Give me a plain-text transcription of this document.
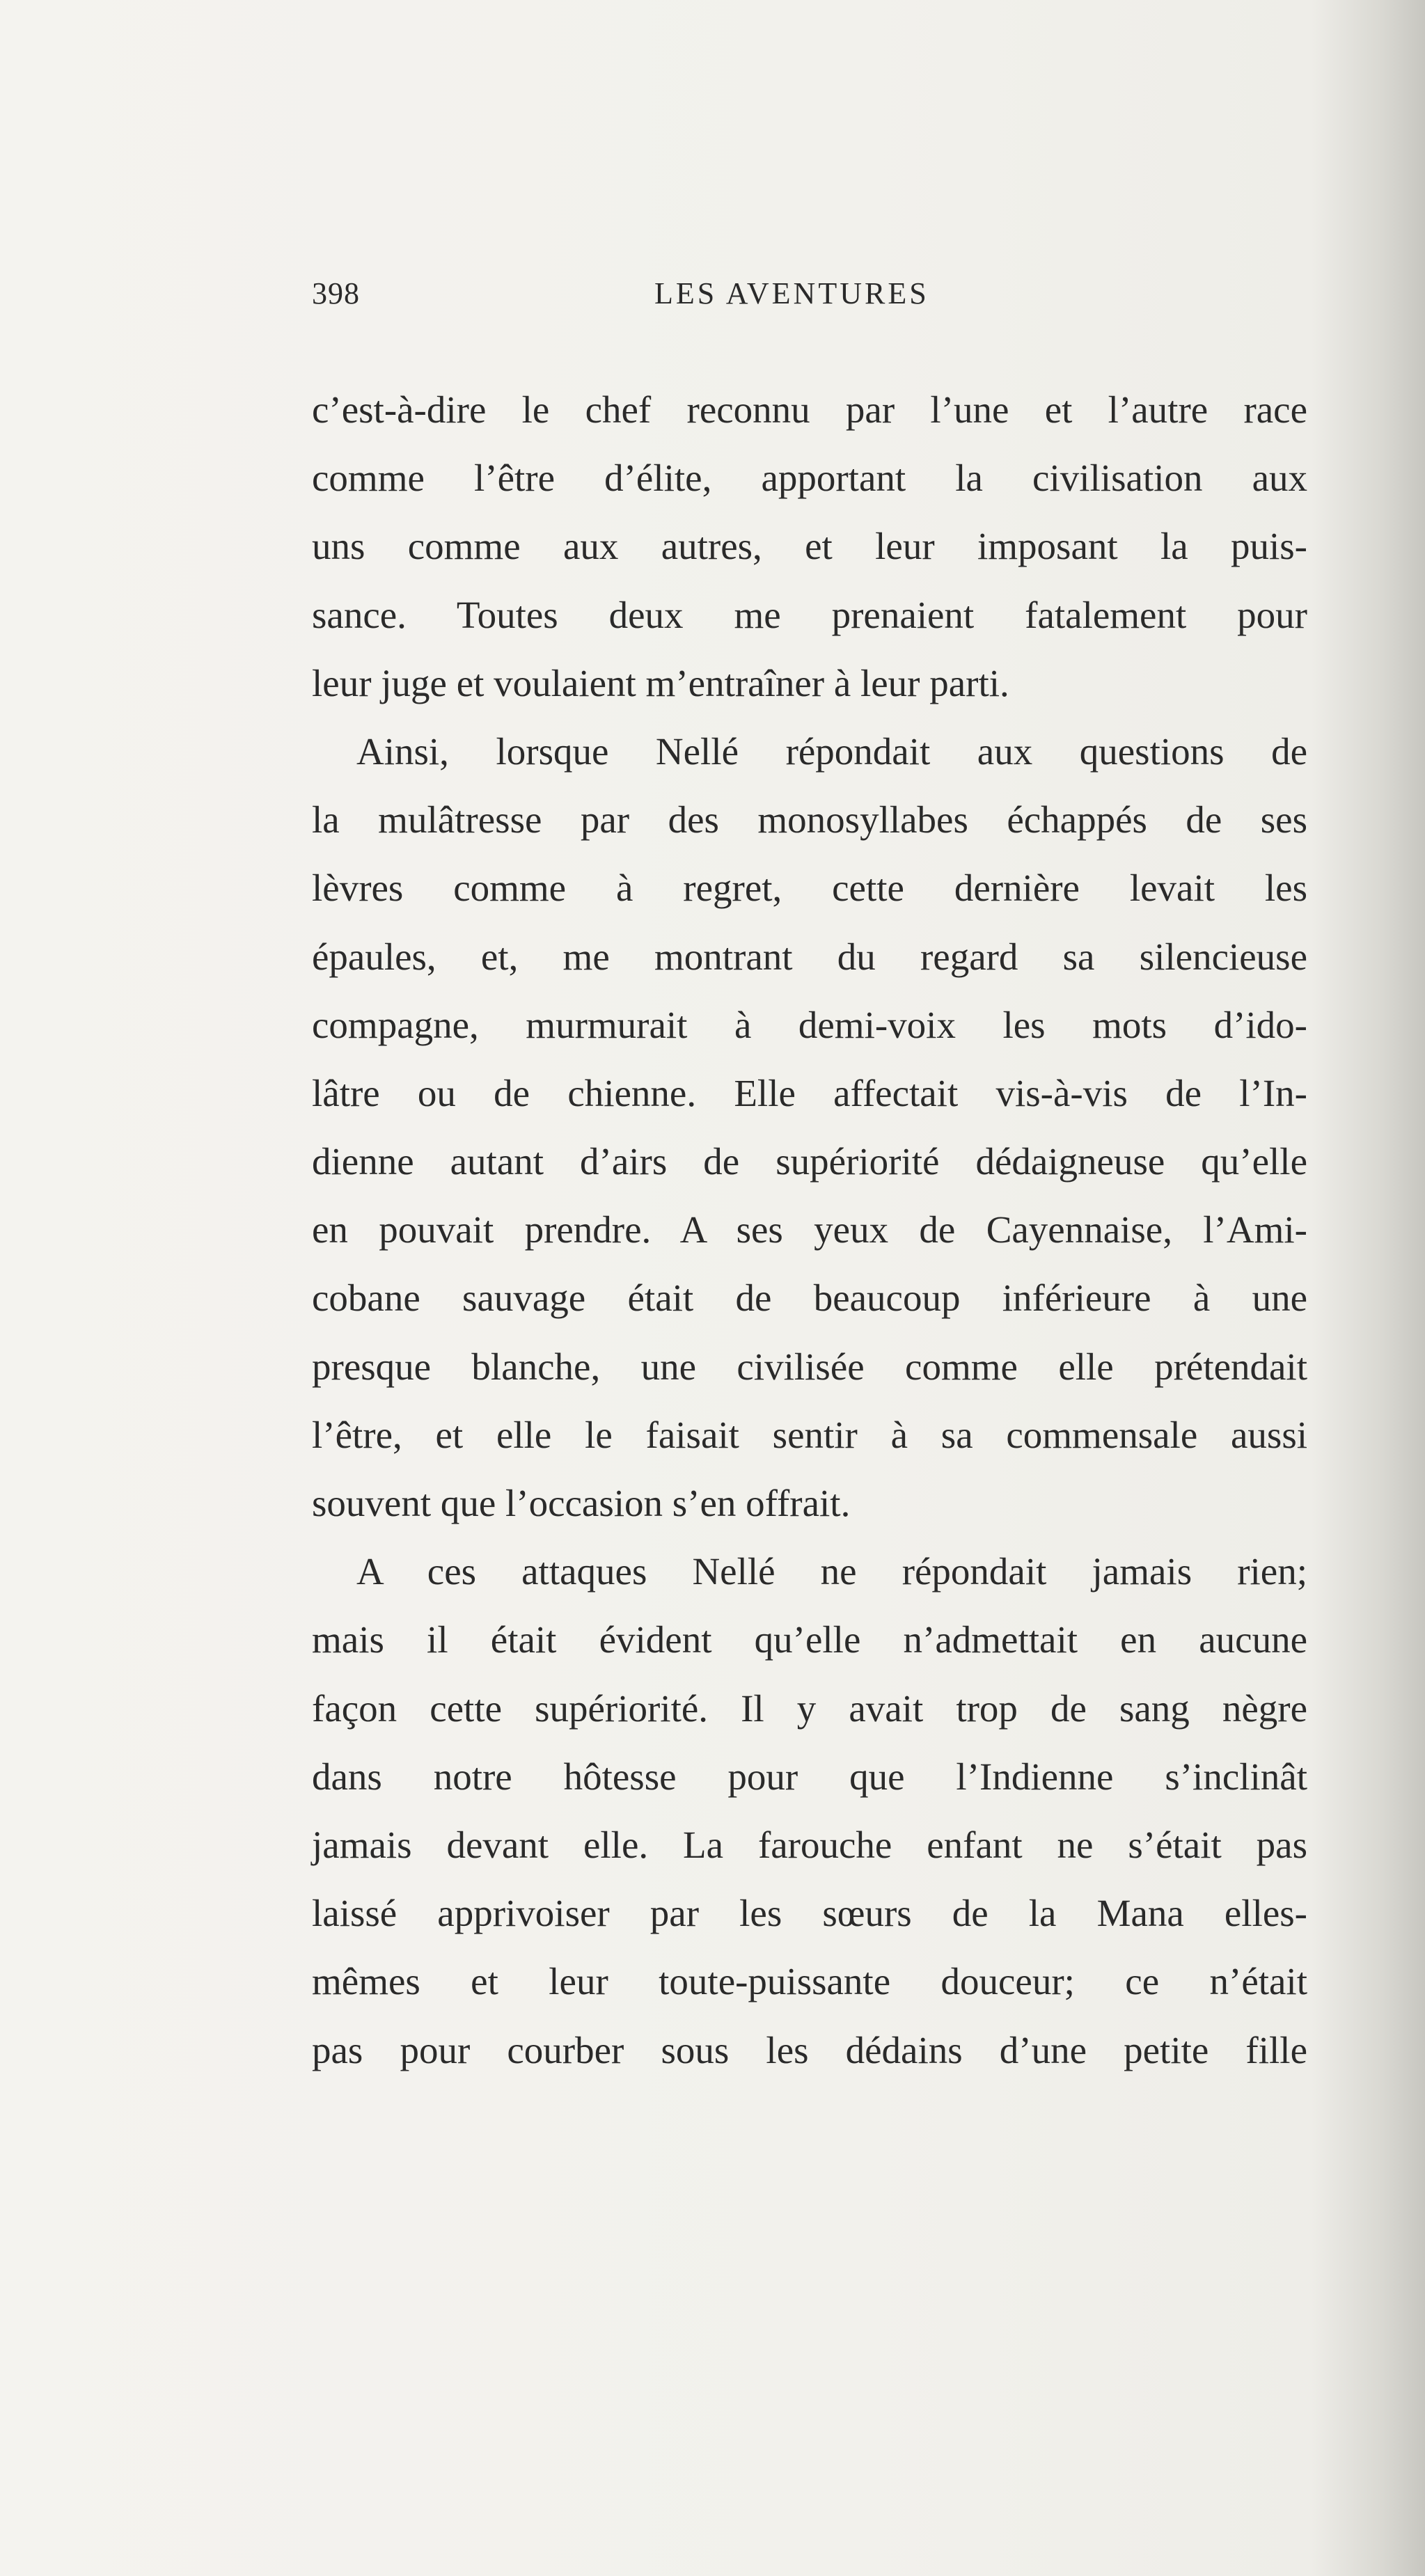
398	LES AVENTURES
c’est-à-dire le chef reconnu par l’une et l’autre race
comme l’être d’élite, apportant la civilisation aux
uns comme aux autres, et leur imposant la puis-
sance. Toutes deux me prenaient fatalement pour
leur juge et voulaient m’entraîner à leur parti.
Ainsi, lorsque Nellé répondait aux questions de
la mulâtresse par des monosyllabes échappés de ses
lèvres comme à regret, cette dernière levait les
épaules, et, me montrant du regard sa silencieuse
compagne, murmurait à demi-voix les mots d’ido-
lâtre ou de chienne. Elle affectait vis-à-vis de l’In-
dienne autant d’airs de supériorité dédaigneuse qu’elle
en pouvait prendre. A ses yeux de Cayennaise, l’Ami-
cobane sauvage était de beaucoup inférieure à une
presque blanche, une civilisée comme elle prétendait
l’être, et elle le faisait sentir à sa commensale aussi
souvent que l’occasion s’en offrait.
A ces attaques Nellé ne répondait jamais rien;
mais il était évident qu’elle n’admettait en aucune
façon cette supériorité. Il y avait trop de sang nègre
dans notre hôtesse pour que l’Indienne s’inclinât
jamais devant elle. La farouche enfant ne s’était pas
laissé apprivoiser par les sœurs de la Mana elles-
mêmes et leur toute-puissante douceur; ce n’était
pas pour courber sous les dédains d’une petite fille
